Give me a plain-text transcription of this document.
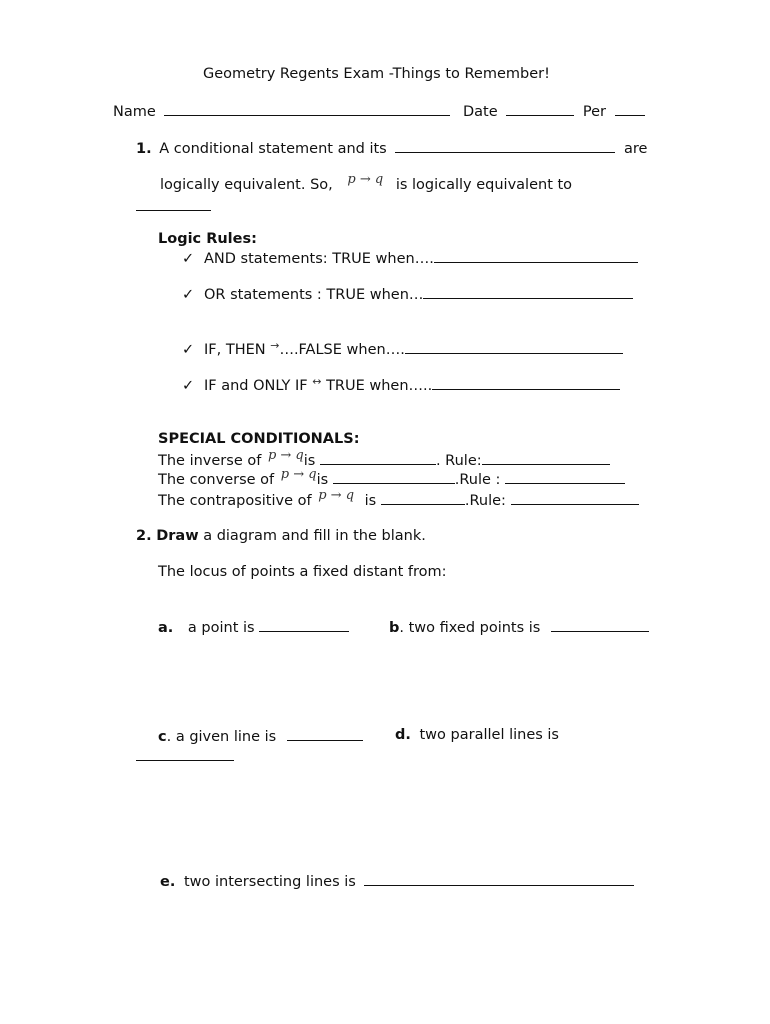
Geometry Regents Exam -Things to Remember!
Name	Date	Per
1. A conditional statement and its	are
logically equivalent. So, p → q is logically equivalent to
Logic Rules:
✓ AND statements: TRUE when….
✓ OR statements : TRUE when…
✓ IF, THEN →….FALSE when….
✓ IF and ONLY IF ↔ TRUE when…..
SPECIAL CONDITIONALS:
The inverse of p → qis	. Rule:
The converse of p → qis	.Rule :
The contrapositive of p → q is	.Rule:
2. Draw a diagram and fill in the blank.
The locus of points a fixed distant from:
a. a point is	b. two fixed points is
c. a given line is	d. two parallel lines is
e. two intersecting lines is
